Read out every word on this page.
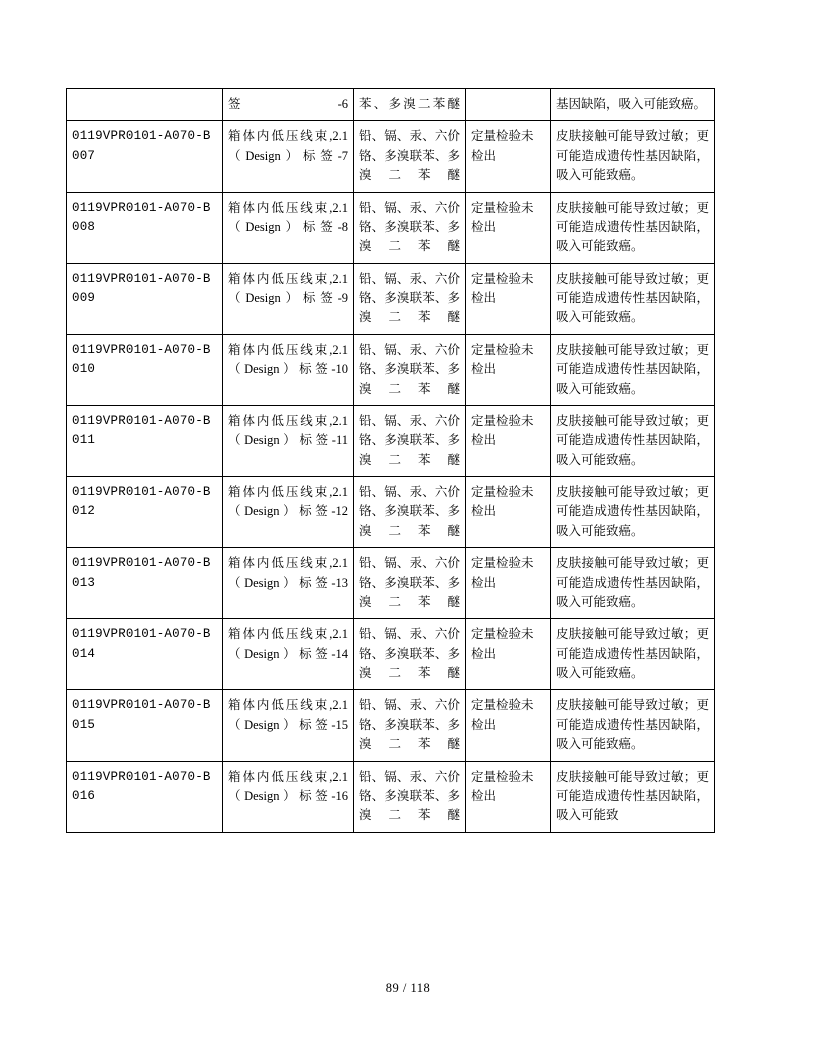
	签-6	苯、多溴二苯醚		基因缺陷，吸入可能致癌。
0119VPR0101-A070-B007	箱体内低压线束,2.1（Design）标签-7	铅、镉、汞、六价铬、多溴联苯、多溴二苯醚	定量检验未检出	皮肤接触可能导致过敏；更可能造成遗传性基因缺陷，吸入可能致癌。
0119VPR0101-A070-B008	箱体内低压线束,2.1（Design）标签-8	铅、镉、汞、六价铬、多溴联苯、多溴二苯醚	定量检验未检出	皮肤接触可能导致过敏；更可能造成遗传性基因缺陷，吸入可能致癌。
0119VPR0101-A070-B009	箱体内低压线束,2.1（Design）标签-9	铅、镉、汞、六价铬、多溴联苯、多溴二苯醚	定量检验未检出	皮肤接触可能导致过敏；更可能造成遗传性基因缺陷，吸入可能致癌。
0119VPR0101-A070-B010	箱体内低压线束,2.1（Design）标签-10	铅、镉、汞、六价铬、多溴联苯、多溴二苯醚	定量检验未检出	皮肤接触可能导致过敏；更可能造成遗传性基因缺陷，吸入可能致癌。
0119VPR0101-A070-B011	箱体内低压线束,2.1（Design）标签-11	铅、镉、汞、六价铬、多溴联苯、多溴二苯醚	定量检验未检出	皮肤接触可能导致过敏；更可能造成遗传性基因缺陷，吸入可能致癌。
0119VPR0101-A070-B012	箱体内低压线束,2.1（Design）标签-12	铅、镉、汞、六价铬、多溴联苯、多溴二苯醚	定量检验未检出	皮肤接触可能导致过敏；更可能造成遗传性基因缺陷，吸入可能致癌。
0119VPR0101-A070-B013	箱体内低压线束,2.1（Design）标签-13	铅、镉、汞、六价铬、多溴联苯、多溴二苯醚	定量检验未检出	皮肤接触可能导致过敏；更可能造成遗传性基因缺陷，吸入可能致癌。
0119VPR0101-A070-B014	箱体内低压线束,2.1（Design）标签-14	铅、镉、汞、六价铬、多溴联苯、多溴二苯醚	定量检验未检出	皮肤接触可能导致过敏；更可能造成遗传性基因缺陷，吸入可能致癌。
0119VPR0101-A070-B015	箱体内低压线束,2.1（Design）标签-15	铅、镉、汞、六价铬、多溴联苯、多溴二苯醚	定量检验未检出	皮肤接触可能导致过敏；更可能造成遗传性基因缺陷，吸入可能致癌。
0119VPR0101-A070-B016	箱体内低压线束,2.1（Design）标签-16	铅、镉、汞、六价铬、多溴联苯、多溴二苯醚	定量检验未检出	皮肤接触可能导致过敏；更可能造成遗传性基因缺陷，吸入可能致
89 / 118
